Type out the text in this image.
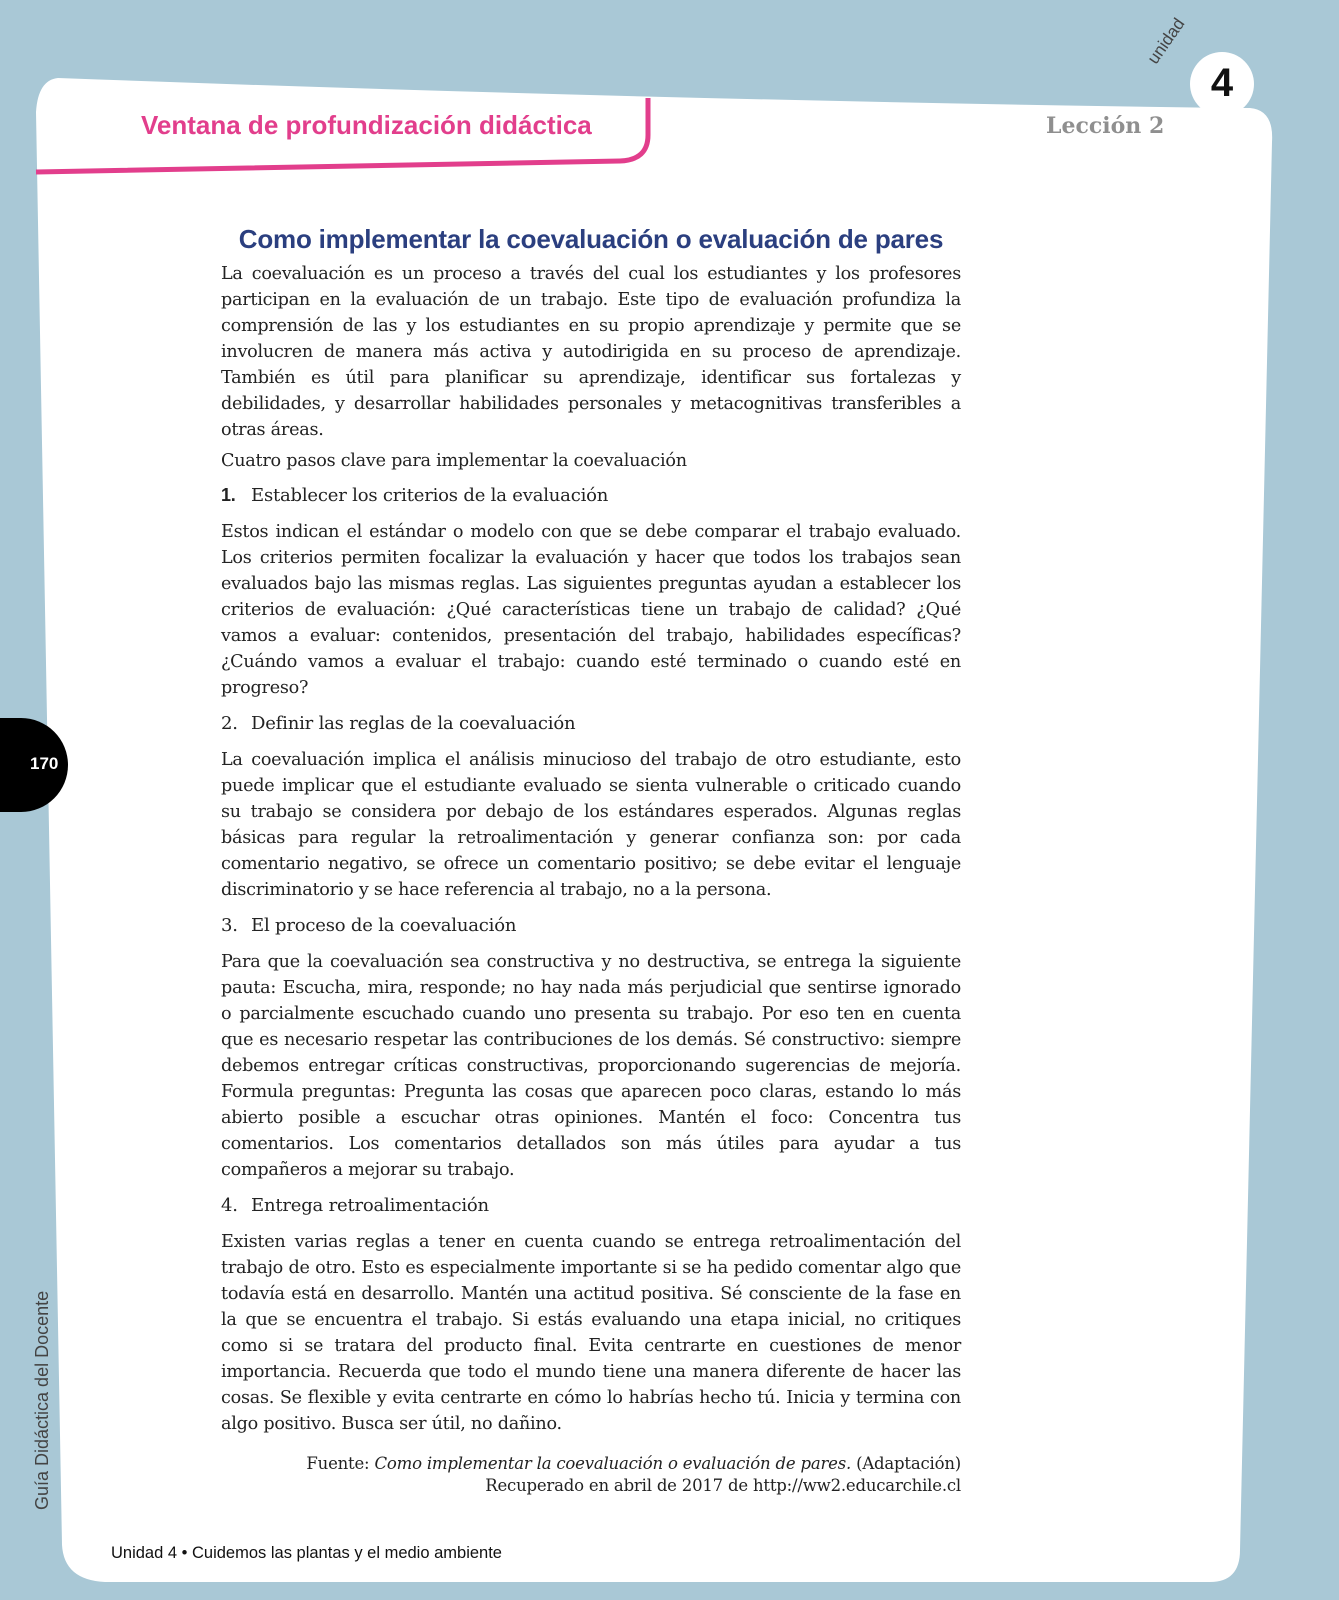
Ventana de profundización didáctica	Lección 2
unidad
4
170
Guía Didáctica del Docente
Unidad 4 • Cuidemos las plantas y el medio ambiente
Como implementar la coevaluación o evaluación de pares

La coevaluación es un proceso a través del cual los estudiantes y los profesores participan en la evaluación de un trabajo. Este tipo de evaluación profundiza la comprensión de las y los estudiantes en su propio aprendizaje y permite que se involucren de manera más activa y autodirigida en su proceso de aprendizaje. También es útil para planificar su aprendizaje, identificar sus fortalezas y debilidades, y desarrollar habilidades personales y metacognitivas transferibles a otras áreas.

Cuatro pasos clave para implementar la coevaluación

1. Establecer los criterios de la evaluación

Estos indican el estándar o modelo con que se debe comparar el trabajo evaluado. Los criterios permiten focalizar la evaluación y hacer que todos los trabajos sean evaluados bajo las mismas reglas. Las siguientes preguntas ayudan a establecer los criterios de evaluación: ¿Qué características tiene un trabajo de calidad? ¿Qué vamos a evaluar: contenidos, presentación del trabajo, habilidades específicas? ¿Cuándo vamos a evaluar el trabajo: cuando esté terminado o cuando esté en progreso?

2. Definir las reglas de la coevaluación

La coevaluación implica el análisis minucioso del trabajo de otro estudiante, esto puede implicar que el estudiante evaluado se sienta vulnerable o criticado cuando su trabajo se considera por debajo de los estándares esperados. Algunas reglas básicas para regular la retroalimentación y generar confianza son: por cada comentario negativo, se ofrece un comentario positivo; se debe evitar el lenguaje discriminatorio y se hace referencia al trabajo, no a la persona.

3. El proceso de la coevaluación

Para que la coevaluación sea constructiva y no destructiva, se entrega la siguiente pauta: Escucha, mira, responde; no hay nada más perjudicial que sentirse ignorado o parcialmente escuchado cuando uno presenta su trabajo. Por eso ten en cuenta que es necesario respetar las contribuciones de los demás. Sé constructivo: siempre debemos entregar críticas constructivas, proporcionando sugerencias de mejoría. Formula preguntas: Pregunta las cosas que aparecen poco claras, estando lo más abierto posible a escuchar otras opiniones. Mantén el foco: Concentra tus comentarios. Los comentarios detallados son más útiles para ayudar a tus compañeros a mejorar su trabajo.

4. Entrega retroalimentación

Existen varias reglas a tener en cuenta cuando se entrega retroalimentación del trabajo de otro. Esto es especialmente importante si se ha pedido comentar algo que todavía está en desarrollo. Mantén una actitud positiva. Sé consciente de la fase en la que se encuentra el trabajo. Si estás evaluando una etapa inicial, no critiques como si se tratara del producto final. Evita centrarte en cuestiones de menor importancia. Recuerda que todo el mundo tiene una manera diferente de hacer las cosas. Se flexible y evita centrarte en cómo lo habrías hecho tú. Inicia y termina con algo positivo. Busca ser útil, no dañino.

Fuente: Como implementar la coevaluación o evaluación de pares. (Adaptación)
Recuperado en abril de 2017 de http://ww2.educarchile.cl
